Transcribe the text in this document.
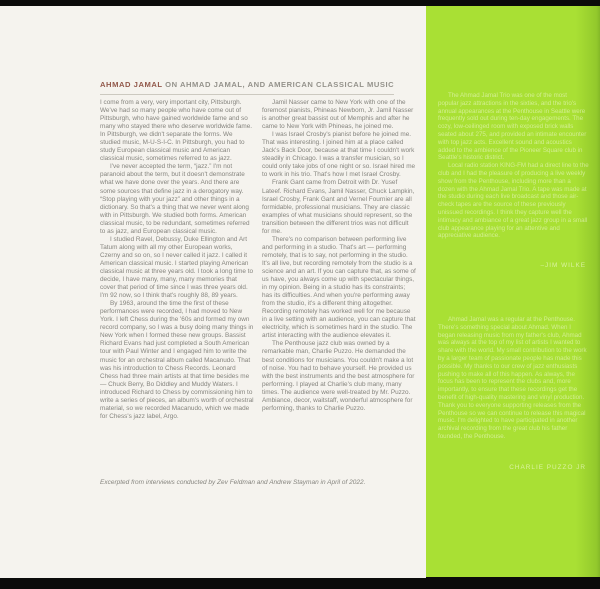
AHMAD JAMAL ON AHMAD JAMAL, AND AMERICAN CLASSICAL MUSIC

I come from a very, very important city, Pittsburgh. We've had so many people who have come out of Pittsburgh, who have gained worldwide fame and so many who stayed there who deserve worldwide fame. In Pittsburgh, we didn't separate the forms. We studied music, M-U-S-I-C. In Pittsburgh, you had to study European classical music and American classical music, sometimes referred to as jazz.

I've never accepted the term, “jazz.” I'm not paranoid about the term, but it doesn't demonstrate what we have done over the years. And there are some sources that define jazz in a derogatory way. “Stop playing with your jazz” and other things in a dictionary. So that's a thing that we never went along with in Pittsburgh. We studied both forms. American classical music, to be redundant, sometimes referred to as jazz, and European classical music.

I studied Ravel, Debussy, Duke Ellington and Art Tatum along with all my other European works, Czerny and so on, so I never called it jazz. I called it American classical music. I started playing American classical music at three years old. I took a long time to decide, I have many, many, many memories that cover that period of time since I was three years old. I'm 92 now, so I think that's roughly 88, 89 years.

By 1963, around the time the first of these performances were recorded, I had moved to New York. I left Chess during the '60s and formed my own record company, so I was a busy doing many things in New York when I formed these new groups. Bassist Richard Evans had just completed a South American tour with Paul Winter and I engaged him to write the music for an orchestral album called Macanudo. That was his introduction to Chess Records. Leonard Chess had three main artists at that time besides me — Chuck Berry, Bo Diddley and Muddy Waters. I introduced Richard to Chess by commissioning him to write a series of pieces, an album's worth of orchestral material, so we recorded Macanudo, which we made for Chess's jazz label, Argo.

Jamil Nasser came to New York with one of the foremost pianists, Phineas Newborn, Jr. Jamil Nasser is another great bassist out of Memphis and after he came to New York with Phineas, he joined me.

I was Israel Crosby's pianist before he joined me. That was interesting. I joined him at a place called Jack's Back Door, because at that time I couldn't work steadily in Chicago. I was a transfer musician, so I could only take jobs of one night or so. Israel hired me to work in his trio. That's how I met Israel Crosby.

Frank Gant came from Detroit with Dr. Yusef Lateef. Richard Evans, Jamil Nasser, Chuck Lampkin, Israel Crosby, Frank Gant and Vernel Fournier are all formidable, professional musicians. They are classic examples of what musicians should represent, so the transition between the different trios was not difficult for me.

There's no comparison between performing live and performing in a studio. That's art — performing remotely, that is to say, not performing in the studio. It's all live, but recording remotely from the studio is a science and an art. If you can capture that, as some of us have, you always come up with spectacular things, in my opinion. Being in a studio has its constraints; has its difficulties. And when you're performing away from the studio, it's a different thing altogether. Recording remotely has worked well for me because in a live setting with an audience, you can capture that electricity, which is sometimes hard in the studio. The artist interacting with the audience elevates it.

The Penthouse jazz club was owned by a remarkable man, Charlie Puzzo. He demanded the best conditions for musicians. You couldn't make a lot of noise. You had to behave yourself. He provided us with the best instruments and the best atmosphere for performing. I played at Charlie's club many, many times. The audience were well-treated by Mr. Puzzo. Ambiance, decor, waitstaff, wonderful atmosphere for performing, thanks to Charlie Puzzo.

Excerpted from interviews conducted by Zev Feldman and Andrew Stayman in April of 2022.

The Ahmad Jamal Trio was one of the most popular jazz attractions in the sixties, and the trio's annual appearances at the Penthouse in Seattle were frequently sold out during ten-day engagements. The cozy, low-ceilinged room with exposed brick walls seated about 275, and provided an intimate encounter with top jazz acts. Excellent sound and acoustics added to the ambience of the Pioneer Square club in Seattle's historic district.

Local radio station KING-FM had a direct line to the club and I had the pleasure of producing a live weekly show from the Penthouse, including more than a dozen with the Ahmad Jamal Trio. A tape was made at the studio during each live broadcast and those air-check tapes are the source of these previously unissued recordings. I think they capture well the intimacy and ambiance of a great jazz group in a small club appearance playing for an attentive and appreciative audience.

–JIM WILKE

Ahmad Jamal was a regular at the Penthouse. There's something special about Ahmad. When I began releasing music from my father's club, Ahmad was always at the top of my list of artists I wanted to share with the world. My small contribution to the work by a larger team of passionate people has made this possible. My thanks to our crew of jazz enthusiasts pushing to make all of this happen. As always, the focus has been to represent the clubs and, more importantly, to ensure that these recordings get the benefit of high-quality mastering and vinyl production. Thank you to everyone supporting releases from the Penthouse so we can continue to release this magical music. I'm delighted to have participated in another archival recording from the great club his father founded, the Penthouse.

CHARLIE PUZZO JR
